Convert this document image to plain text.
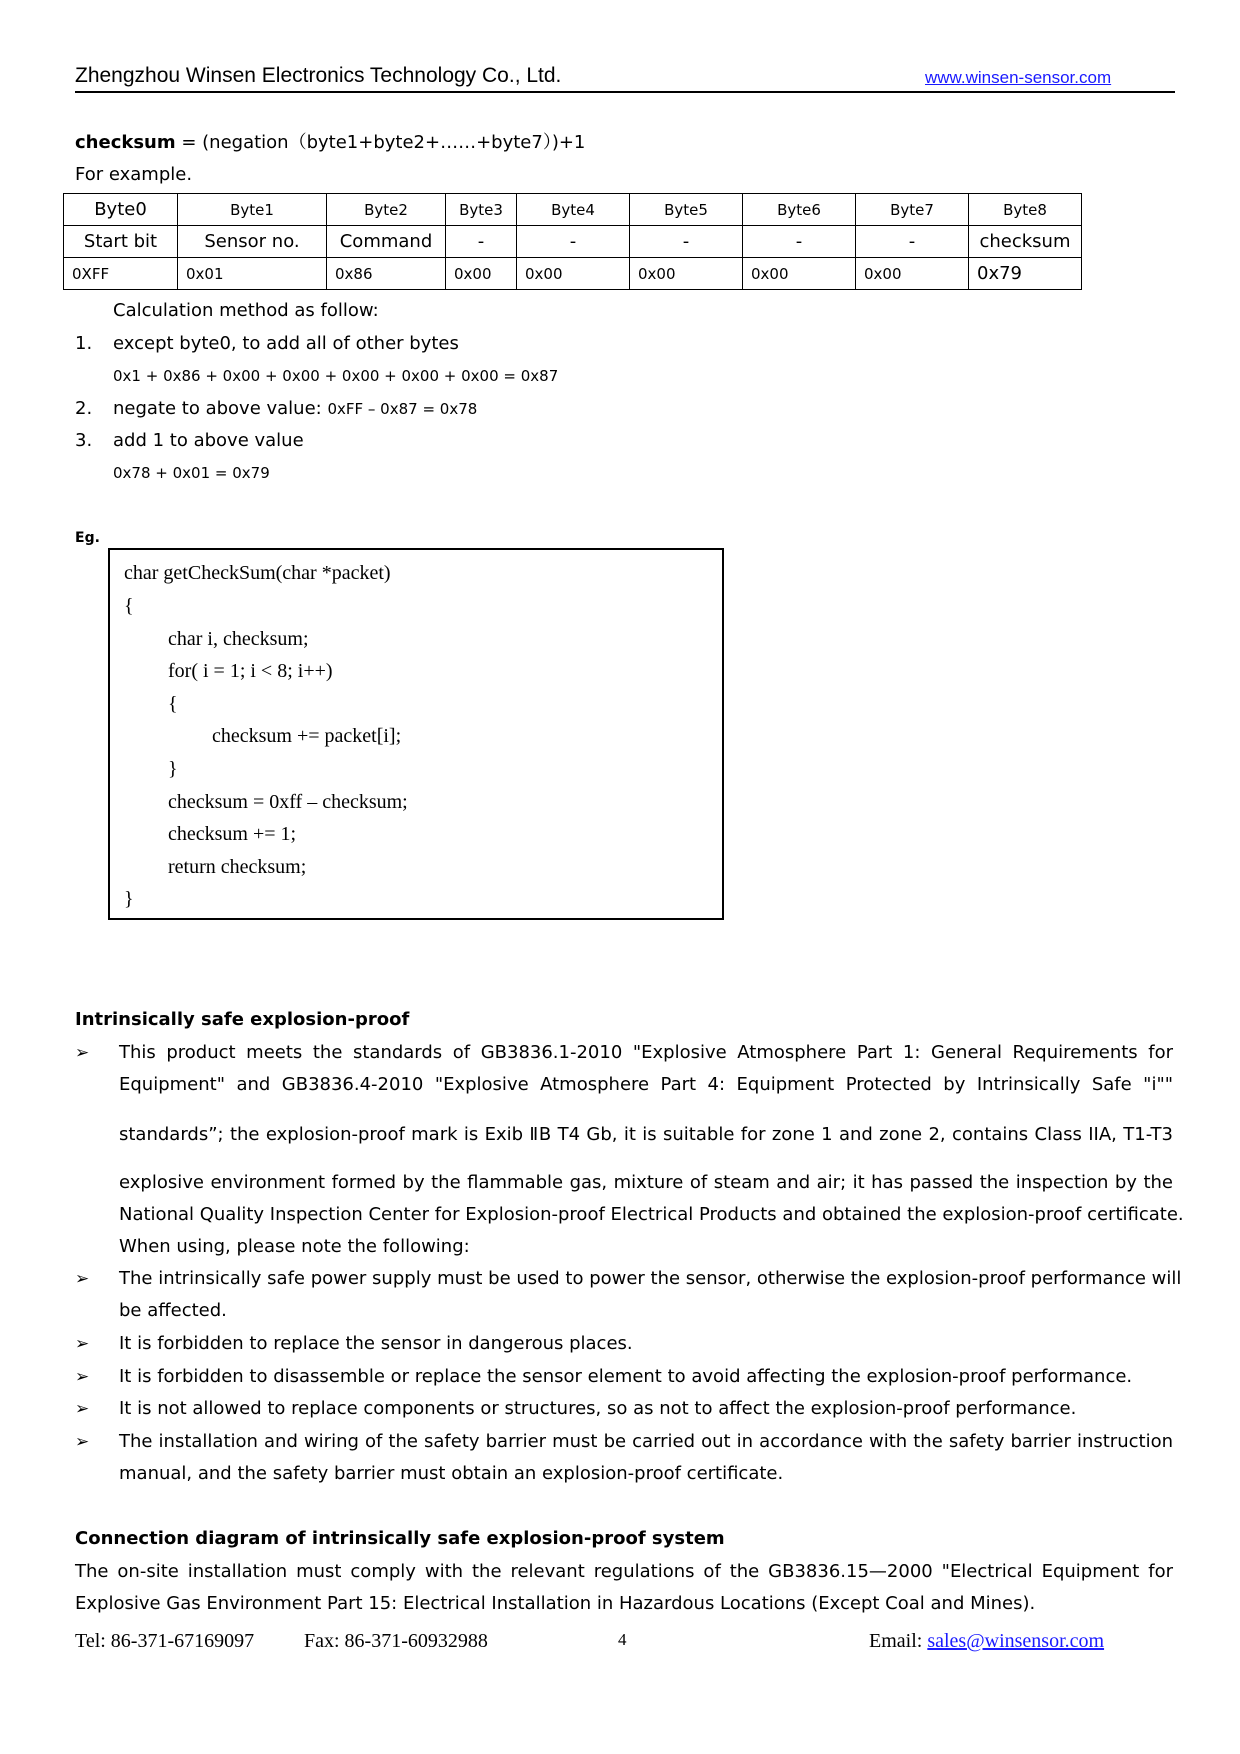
Zhengzhou Winsen Electronics Technology Co., Ltd.	www.winsen-sensor.com
checksum = (negation（byte1+byte2+……+byte7）)+1
For example.
Byte0	Byte1	Byte2	Byte3	Byte4	Byte5	Byte6	Byte7	Byte8
Start bit	Sensor no.	Command	-	-	-	-	-	checksum
0XFF	0x01	0x86	0x00	0x00	0x00	0x00	0x00	0x79
Calculation method as follow:
1. except byte0, to add all of other bytes
0x1 + 0x86 + 0x00 + 0x00 + 0x00 + 0x00 + 0x00 = 0x87
2. negate to above value: 0xFF – 0x87 = 0x78
3. add 1 to above value
0x78 + 0x01 = 0x79
Eg.
char getCheckSum(char *packet)
{
char i, checksum;
for( i = 1; i < 8; i++)
{
checksum += packet[i];
}
checksum = 0xff – checksum;
checksum += 1;
return checksum;
}
Intrinsically safe explosion-proof
➢ This product meets the standards of GB3836.1-2010 "Explosive Atmosphere Part 1: General Requirements for
Equipment" and GB3836.4-2010 "Explosive Atmosphere Part 4: Equipment Protected by Intrinsically Safe "i""
standards”; the explosion-proof mark is Exib ⅡB T4 Gb, it is suitable for zone 1 and zone 2, contains Class IIA, T1-T3
explosive environment formed by the flammable gas, mixture of steam and air; it has passed the inspection by the
National Quality Inspection Center for Explosion-proof Electrical Products and obtained the explosion-proof certificate.
When using, please note the following:
➢ The intrinsically safe power supply must be used to power the sensor, otherwise the explosion-proof performance will
be affected.
➢ It is forbidden to replace the sensor in dangerous places.
➢ It is forbidden to disassemble or replace the sensor element to avoid affecting the explosion-proof performance.
➢ It is not allowed to replace components or structures, so as not to affect the explosion-proof performance.
➢ The installation and wiring of the safety barrier must be carried out in accordance with the safety barrier instruction
manual, and the safety barrier must obtain an explosion-proof certificate.
Connection diagram of intrinsically safe explosion-proof system
The on-site installation must comply with the relevant regulations of the GB3836.15—2000 "Electrical Equipment for
Explosive Gas Environment Part 15: Electrical Installation in Hazardous Locations (Except Coal and Mines).
Tel: 86-371-67169097 Fax: 86-371-60932988	4	Email: sales@winsensor.com
